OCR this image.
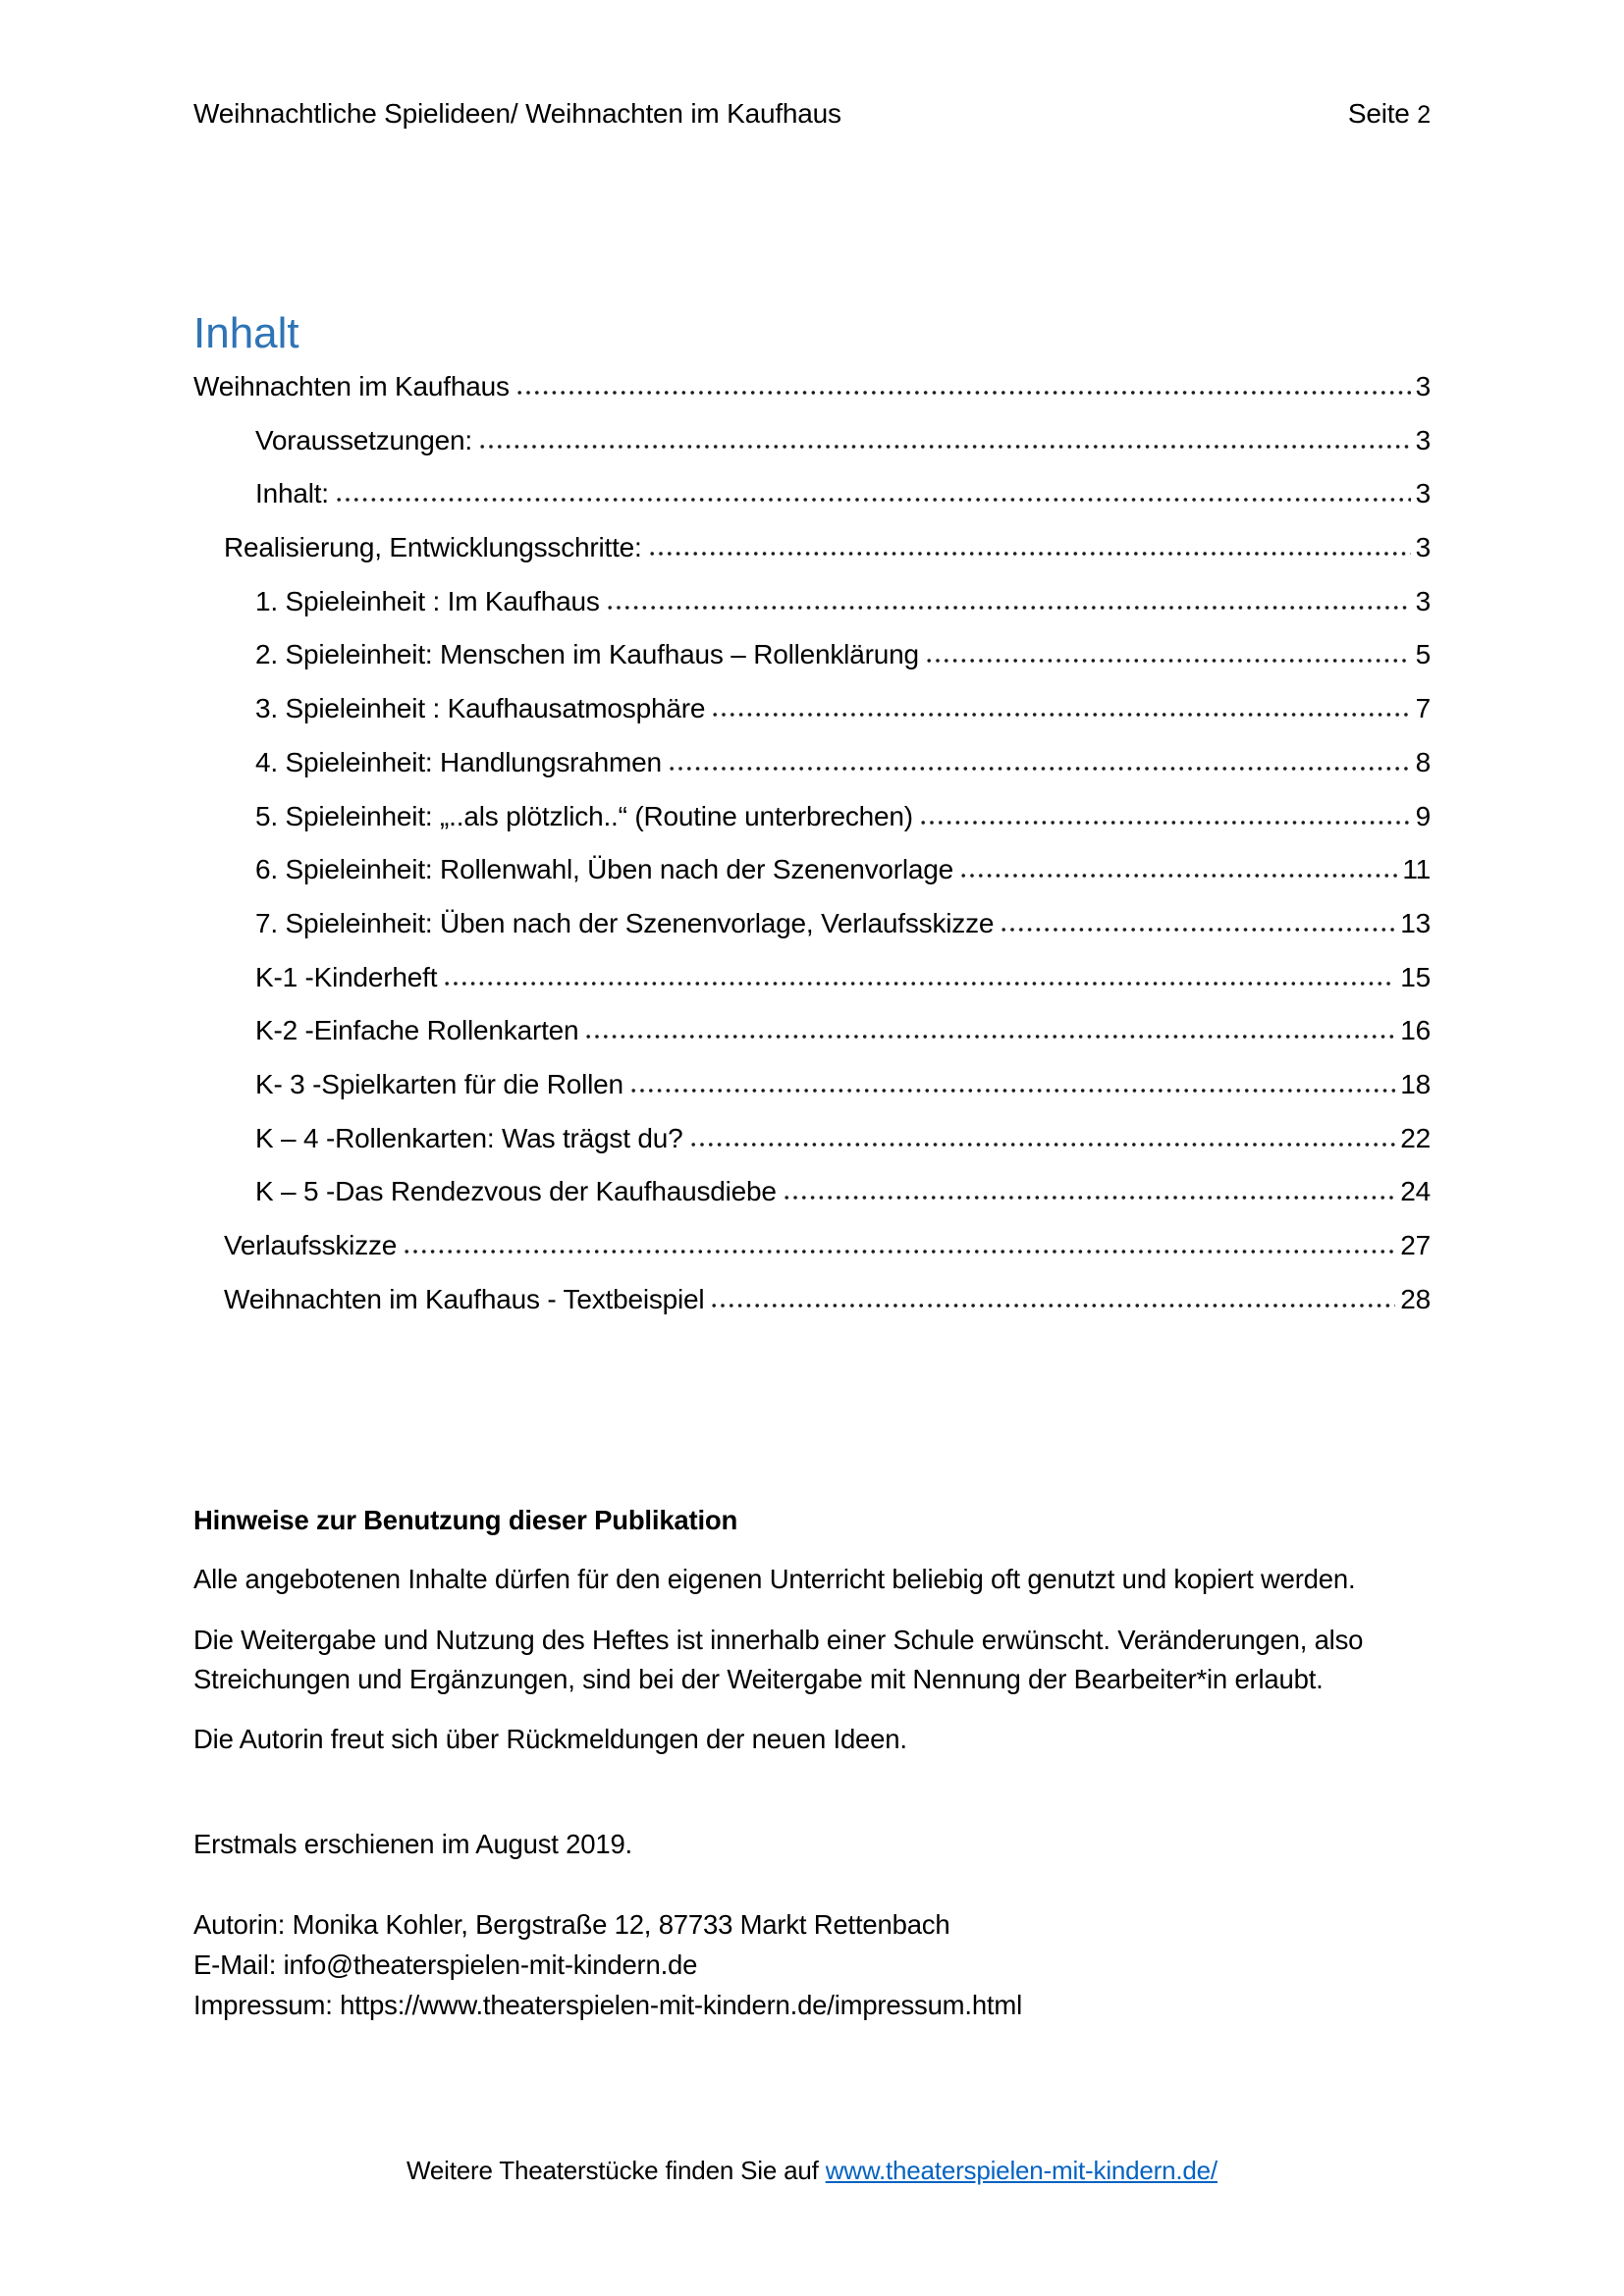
Weihnachtliche Spielideen/ Weihnachten im Kaufhaus	Seite 2
Inhalt
Weihnachten im Kaufhaus	3
Voraussetzungen:	3
Inhalt:	3
Realisierung, Entwicklungsschritte:	3
1. Spieleinheit : Im Kaufhaus	3
2. Spieleinheit: Menschen im Kaufhaus – Rollenklärung	5
3. Spieleinheit : Kaufhausatmosphäre	7
4. Spieleinheit: Handlungsrahmen	8
5. Spieleinheit: „..als plötzlich..“ (Routine unterbrechen)	9
6. Spieleinheit: Rollenwahl, Üben nach der Szenenvorlage	11
7. Spieleinheit: Üben nach der Szenenvorlage, Verlaufsskizze	13
K-1 -Kinderheft	15
K-2 -Einfache Rollenkarten	16
K- 3 -Spielkarten für die Rollen	18
K – 4 -Rollenkarten: Was trägst du?	22
K – 5 -Das Rendezvous der Kaufhausdiebe	24
Verlaufsskizze	27
Weihnachten im Kaufhaus - Textbeispiel	28
Hinweise zur Benutzung dieser Publikation
Alle angebotenen Inhalte dürfen für den eigenen Unterricht beliebig oft genutzt und kopiert werden.
Die Weitergabe und Nutzung des Heftes ist innerhalb einer Schule erwünscht. Veränderungen, also
Streichungen und Ergänzungen, sind bei der Weitergabe mit Nennung der Bearbeiter*in erlaubt.
Die Autorin freut sich über Rückmeldungen der neuen Ideen.
Erstmals erschienen im August 2019.
Autorin: Monika Kohler, Bergstraße 12, 87733 Markt Rettenbach
E-Mail: info@theaterspielen-mit-kindern.de
Impressum: https://www.theaterspielen-mit-kindern.de/impressum.html
Weitere Theaterstücke finden Sie auf www.theaterspielen-mit-kindern.de/
